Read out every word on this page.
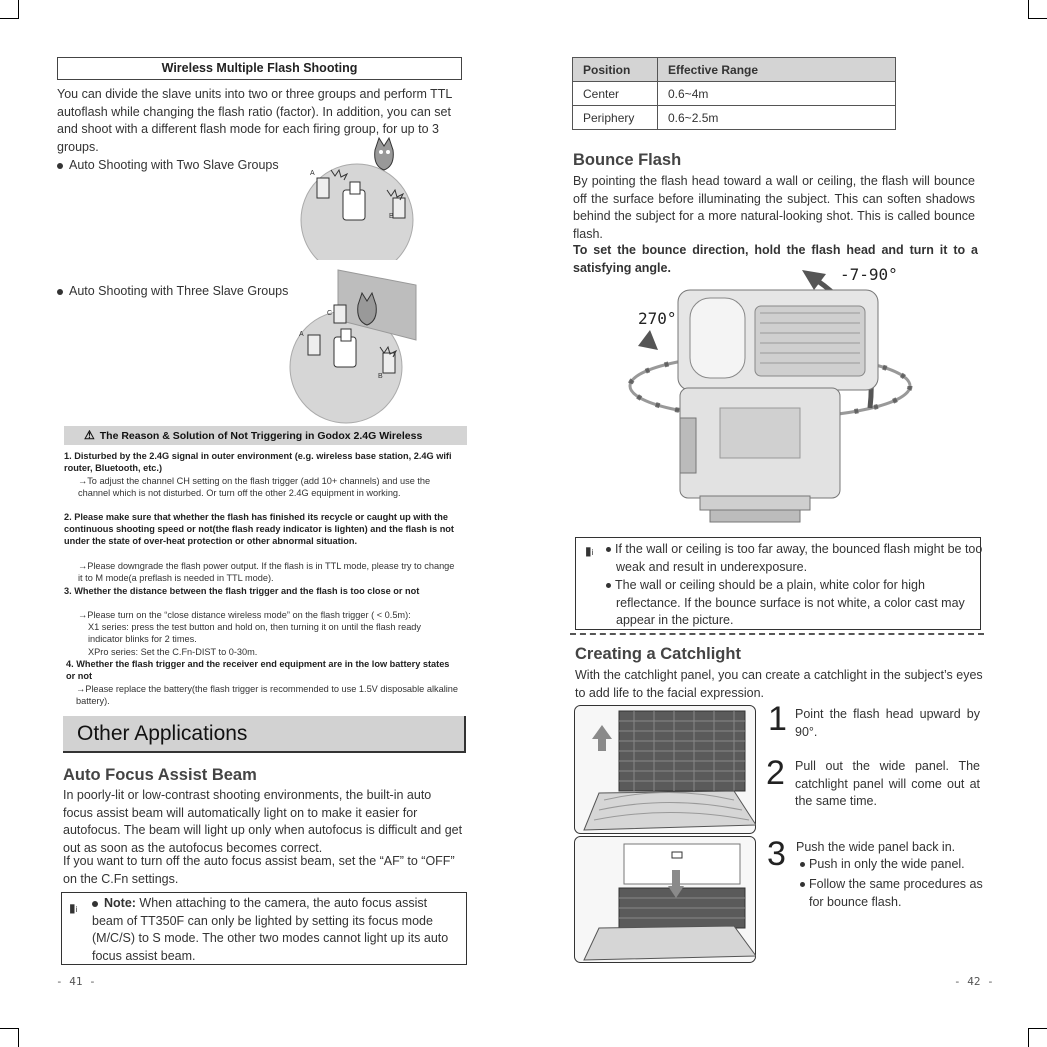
Wireless Multiple Flash Shooting
You can divide the slave units into two or three groups and perform TTL autoflash while changing the flash ratio (factor). In addition, you can set and shoot with a different flash mode for each firing group, for up to 3 groups.
Auto Shooting with Two Slave Groups
A
B
Auto Shooting with Three Slave Groups
C
A
B
⚠ The Reason & Solution of Not Triggering in Godox 2.4G Wireless
1. Disturbed by the 2.4G signal in outer environment (e.g. wireless base station, 2.4G wifi router, Bluetooth, etc.)
→To adjust the channel CH setting on the flash trigger (add 10+ channels) and use the channel which is not disturbed. Or turn off the other 2.4G equipment in working.
2. Please make sure that whether the flash has finished its recycle or caught up with the continuous shooting speed or not(the flash ready indicator is lighten) and the flash is not under the state of over-heat protection or other abnormal situation.
→Please downgrade the flash power output. If the flash is in TTL mode, please try to change it to M mode(a preflash is needed in TTL mode).
3. Whether the distance between the flash trigger and the flash is too close or not
→Please turn on the “close distance wireless mode” on the flash trigger ( < 0.5m):
X1 series: press the test button and hold on, then turning it on until the flash ready indicator blinks for 2 times.
XPro series: Set the C.Fn-DIST to 0-30m.
4. Whether the flash trigger and the receiver end equipment are in the low battery states or not
→Please replace the battery(the flash trigger is recommended to use 1.5V disposable alkaline battery).
Other Applications
Auto Focus Assist Beam
In poorly-lit or low-contrast shooting environments, the built-in auto focus assist beam will automatically light on to make it easier for autofocus. The beam will light up only when autofocus is difficult and get out as soon as the autofocus becomes correct.
If you want to turn off the auto focus assist beam, set the “AF” to “OFF” on the C.Fn settings.
▮i	Note: When attaching to the camera, the auto focus assist beam of TT350F can only be lighted by setting its focus mode (M/C/S) to S mode. The other two modes cannot light up its auto focus assist beam.
- 41 -
Position	Effective Range
Center	0.6~4m
Periphery	0.6~2.5m
Bounce Flash
By pointing the flash head toward a wall or ceiling, the flash will bounce off the surface before illuminating the subject. This can soften shadows behind the subject for a more natural-looking shot. This is called bounce flash.
To set the bounce direction, hold the flash head and turn it to a satisfying angle.	-7-90°
270°
▮i	If the wall or ceiling is too far away, the bounced flash might be too weak and result in underexposure.
The wall or ceiling should be a plain, white color for high reflectance. If the bounce surface is not white, a color cast may appear in the picture.
Creating a Catchlight
With the catchlight panel, you can create a catchlight in the subject’s eyes to add life to the facial expression.
1 Point the flash head upward by 90°.
2 Pull out the wide panel. The catchlight panel will come out at the same time.
3 Push the wide panel back in.
Push in only the wide panel.
Follow the same procedures as for bounce flash.
- 42 -
